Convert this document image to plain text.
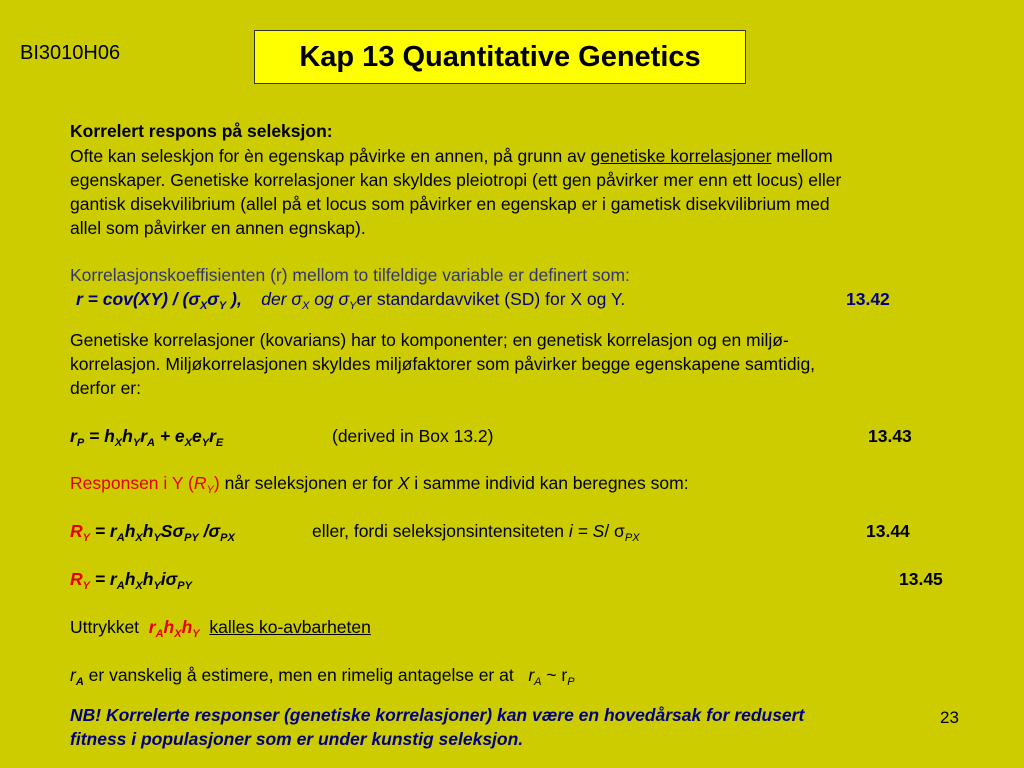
BI3010H06	Kap 13 Quantitative Genetics
Korrelert respons på seleksjon:
Ofte kan seleskjon for èn egenskap påvirke en annen, på grunn av genetiske korrelasjoner mellom
egenskaper. Genetiske korrelasjoner kan skyldes pleiotropi (ett gen påvirker mer enn ett locus) eller
gantisk disekvilibrium (allel på et locus som påvirker en egenskap er i gametisk disekvilibrium med
allel som påvirker en annen egnskap).
Korrelasjonskoeffisienten (r) mellom to tilfeldige variable er definert som:
$r = cov(XY) / (\sigma_X\sigma_Y$ ), der $\sigma_X$ og $\sigma_Yer$ standardavviket (SD) for X og Y.	13.42
Genetiske korrelasjoner (kovarians) har to komponenter; en genetisk korrelasjon og en miljø-
korrelasjon. Miljøkorrelasjonen skyldes miljøfaktorer som påvirker begge egenskapene samtidig,
derfor er:
$r_P = h_Xh_Yr_A + e_Xe_Yr_E$	(derived in Box 13.2)	13.43
Responsen i Y $(R_Y)$ når seleksjonen er for X i samme individ kan beregnes som:
$R_Y = r_Ah_Xh_YS\sigma_{PY}$ $/\sigma_{PX}$	eller, fordi seleksjonsintensiteten i = S/ $\sigma_{PX}$	13.44
$R_Y = r_Ah_Xh_Yi\sigma_{PY}$	13.45
Uttrykket  $r_Ah_Xh_Y$ kalles ko-avbarheten
$r_A$ er vanskelig å estimere, men en rimelig antagelse er at   $r_A$ ~ $r_P$
NB! Korrelerte responser (genetiske korrelasjoner) kan være en hovedårsak for redusert
fitness i populasjoner som er under kunstig seleksjon.
23
